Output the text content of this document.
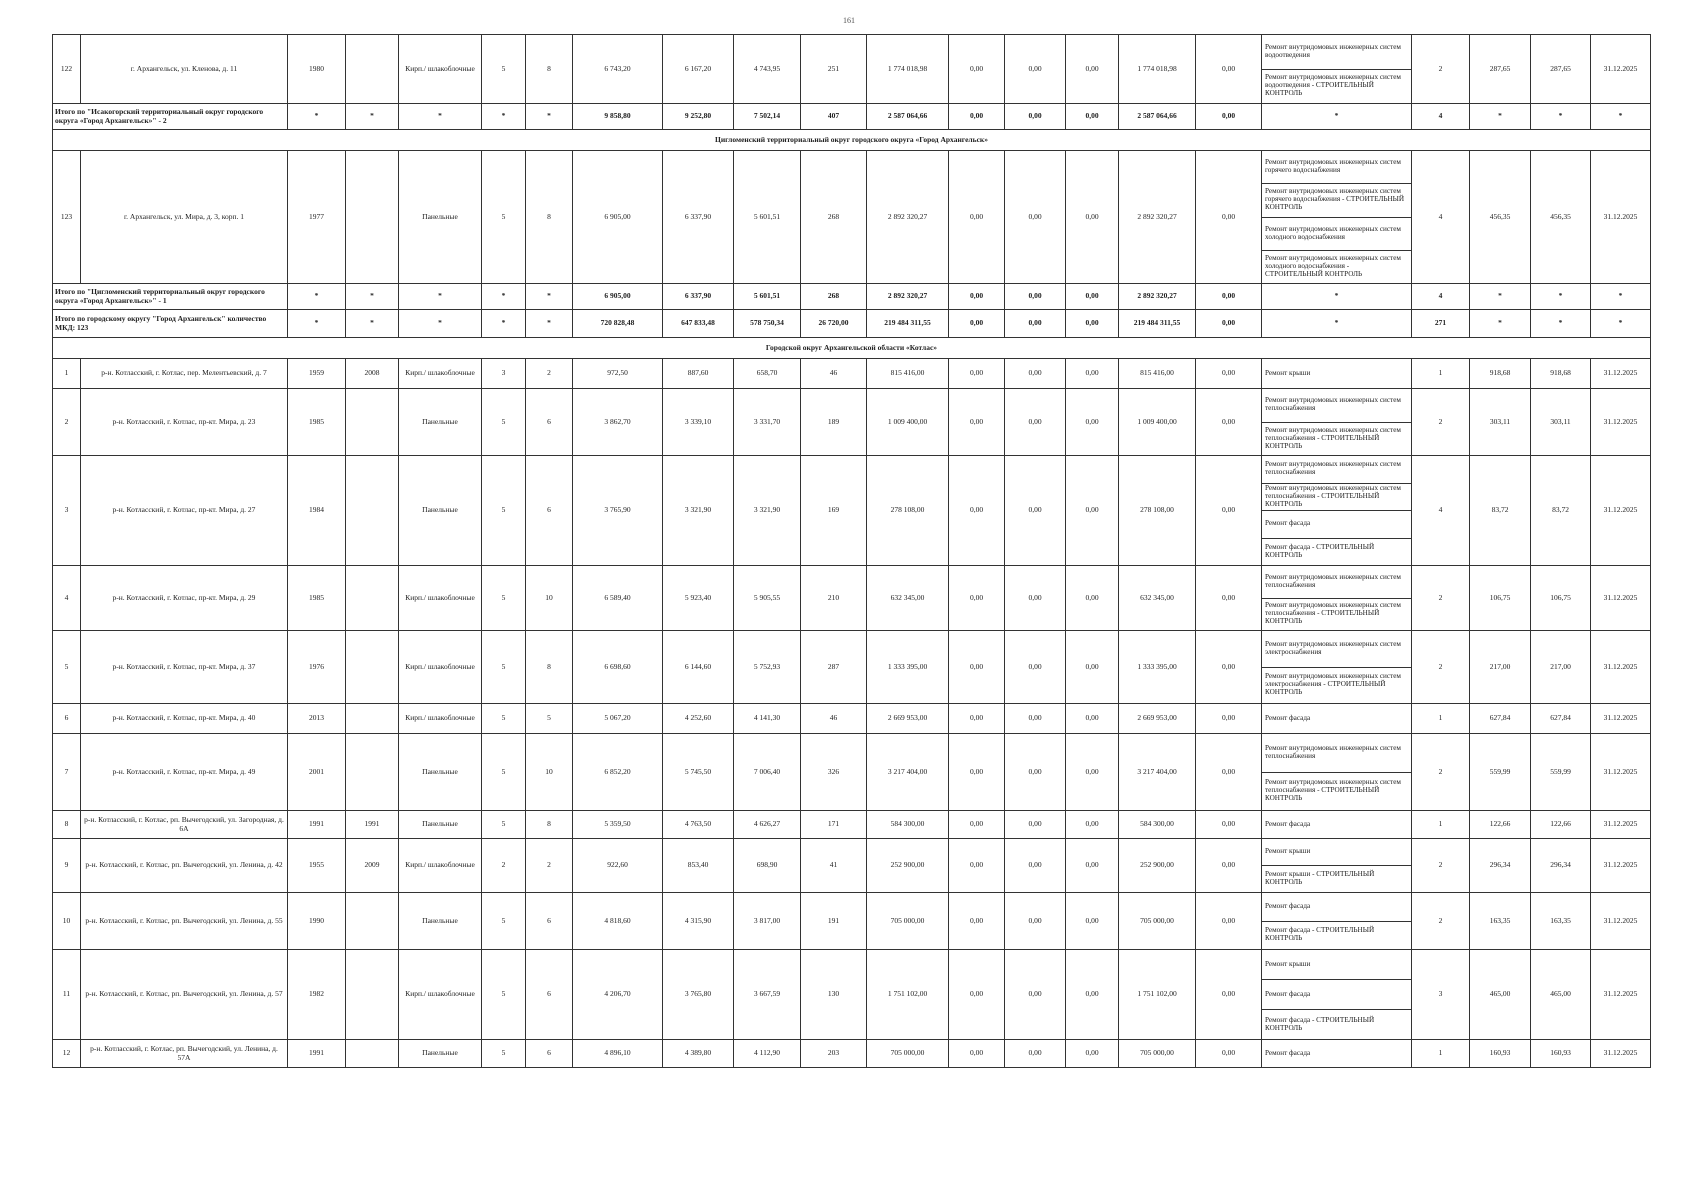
161
122	г. Архангельск, ул. Кленова, д. 11	1980		Кирп./ шлакоблочные	5	8	6 743,20	6 167,20	4 743,95	251	1 774 018,98	0,00	0,00	0,00	1 774 018,98	0,00	Ремонт внутридомовых инженерных систем водоотведения
Ремонт внутридомовых инженерных систем водоотведения - СТРОИТЕЛЬНЫЙ КОНТРОЛЬ	2	287,65	287,65	31.12.2025
Итого по "Исакогорский территориальный округ городского округа «Город Архангельск»" - 2		*	*	*	*	*	9 858,80	9 252,80	7 502,14	407	2 587 064,66	0,00	0,00	0,00	2 587 064,66	0,00	*	4	*	*	*
Цигломенский территориальный округ городского округа «Город Архангельск»																					
123	г. Архангельск, ул. Мира, д. 3, корп. 1	1977		Панельные	5	8	6 905,00	6 337,90	5 601,51	268	2 892 320,27	0,00	0,00	0,00	2 892 320,27	0,00	Ремонт внутридомовых инженерных систем горячего водоснабжения
Ремонт внутридомовых инженерных систем горячего водоснабжения - СТРОИТЕЛЬНЫЙ КОНТРОЛЬ
Ремонт внутридомовых инженерных систем холодного водоснабжения
Ремонт внутридомовых инженерных систем холодного водоснабжения - СТРОИТЕЛЬНЫЙ КОНТРОЛЬ	4	456,35	456,35	31.12.2025
Итого по "Цигломенский территориальный округ городского округа «Город Архангельск»" - 1		*	*	*	*	*	6 905,00	6 337,90	5 601,51	268	2 892 320,27	0,00	0,00	0,00	2 892 320,27	0,00	*	4	*	*	*
Итого по городскому округу "Город Архангельск" количество МКД: 123		*	*	*	*	*	720 828,48	647 833,48	578 750,34	26 720,00	219 484 311,55	0,00	0,00	0,00	219 484 311,55	0,00	*	271	*	*	*
Городской округ Архангельской области «Котлас»																					
1	р-н. Котласский, г. Котлас, пер. Мелентьевский, д. 7	1959	2008	Кирп./ шлакоблочные	3	2	972,50	887,60	658,70	46	815 416,00	0,00	0,00	0,00	815 416,00	0,00	Ремонт крыши	1	918,68	918,68	31.12.2025
2	р-н. Котласский, г. Котлас, пр-кт. Мира, д. 23	1985		Панельные	5	6	3 862,70	3 339,10	3 331,70	189	1 009 400,00	0,00	0,00	0,00	1 009 400,00	0,00	Ремонт внутридомовых инженерных систем теплоснабжения
Ремонт внутридомовых инженерных систем теплоснабжения - СТРОИТЕЛЬНЫЙ КОНТРОЛЬ	2	303,11	303,11	31.12.2025
3	р-н. Котласский, г. Котлас, пр-кт. Мира, д. 27	1984		Панельные	5	6	3 765,90	3 321,90	3 321,90	169	278 108,00	0,00	0,00	0,00	278 108,00	0,00	Ремонт внутридомовых инженерных систем теплоснабжения
Ремонт внутридомовых инженерных систем теплоснабжения - СТРОИТЕЛЬНЫЙ КОНТРОЛЬ
Ремонт фасада
Ремонт фасада - СТРОИТЕЛЬНЫЙ КОНТРОЛЬ	4	83,72	83,72	31.12.2025
4	р-н. Котласский, г. Котлас, пр-кт. Мира, д. 29	1985		Кирп./ шлакоблочные	5	10	6 589,40	5 923,40	5 905,55	210	632 345,00	0,00	0,00	0,00	632 345,00	0,00	Ремонт внутридомовых инженерных систем теплоснабжения
Ремонт внутридомовых инженерных систем теплоснабжения - СТРОИТЕЛЬНЫЙ КОНТРОЛЬ	2	106,75	106,75	31.12.2025
5	р-н. Котласский, г. Котлас, пр-кт. Мира, д. 37	1976		Кирп./ шлакоблочные	5	8	6 698,60	6 144,60	5 752,93	287	1 333 395,00	0,00	0,00	0,00	1 333 395,00	0,00	Ремонт внутридомовых инженерных систем электроснабжения
Ремонт внутридомовых инженерных систем электроснабжения - СТРОИТЕЛЬНЫЙ КОНТРОЛЬ	2	217,00	217,00	31.12.2025
6	р-н. Котласский, г. Котлас, пр-кт. Мира, д. 40	2013		Кирп./ шлакоблочные	5	5	5 067,20	4 252,60	4 141,30	46	2 669 953,00	0,00	0,00	0,00	2 669 953,00	0,00	Ремонт фасада	1	627,84	627,84	31.12.2025
7	р-н. Котласский, г. Котлас, пр-кт. Мира, д. 49	2001		Панельные	5	10	6 852,20	5 745,50	7 006,40	326	3 217 404,00	0,00	0,00	0,00	3 217 404,00	0,00	Ремонт внутридомовых инженерных систем теплоснабжения
Ремонт внутридомовых инженерных систем теплоснабжения - СТРОИТЕЛЬНЫЙ КОНТРОЛЬ	2	559,99	559,99	31.12.2025
8	р-н. Котласский, г. Котлас, рп. Вычегодский, ул. Загородная, д. 6А	1991	1991	Панельные	5	8	5 359,50	4 763,50	4 626,27	171	584 300,00	0,00	0,00	0,00	584 300,00	0,00	Ремонт фасада	1	122,66	122,66	31.12.2025
9	р-н. Котласский, г. Котлас, рп. Вычегодский, ул. Ленина, д. 42	1955	2009	Кирп./ шлакоблочные	2	2	922,60	853,40	698,90	41	252 900,00	0,00	0,00	0,00	252 900,00	0,00	Ремонт крыши
Ремонт крыши - СТРОИТЕЛЬНЫЙ КОНТРОЛЬ	2	296,34	296,34	31.12.2025
10	р-н. Котласский, г. Котлас, рп. Вычегодский, ул. Ленина, д. 55	1990		Панельные	5	6	4 818,60	4 315,90	3 817,00	191	705 000,00	0,00	0,00	0,00	705 000,00	0,00	Ремонт фасада
Ремонт фасада - СТРОИТЕЛЬНЫЙ КОНТРОЛЬ	2	163,35	163,35	31.12.2025
11	р-н. Котласский, г. Котлас, рп. Вычегодский, ул. Ленина, д. 57	1982		Кирп./ шлакоблочные	5	6	4 206,70	3 765,80	3 667,59	130	1 751 102,00	0,00	0,00	0,00	1 751 102,00	0,00	Ремонт крыши
Ремонт фасада
Ремонт фасада - СТРОИТЕЛЬНЫЙ КОНТРОЛЬ	3	465,00	465,00	31.12.2025
12	р-н. Котласский, г. Котлас, рп. Вычегодский, ул. Ленина, д. 57А	1991		Панельные	5	6	4 896,10	4 389,80	4 112,90	203	705 000,00	0,00	0,00	0,00	705 000,00	0,00	Ремонт фасада	1	160,93	160,93	31.12.2025
